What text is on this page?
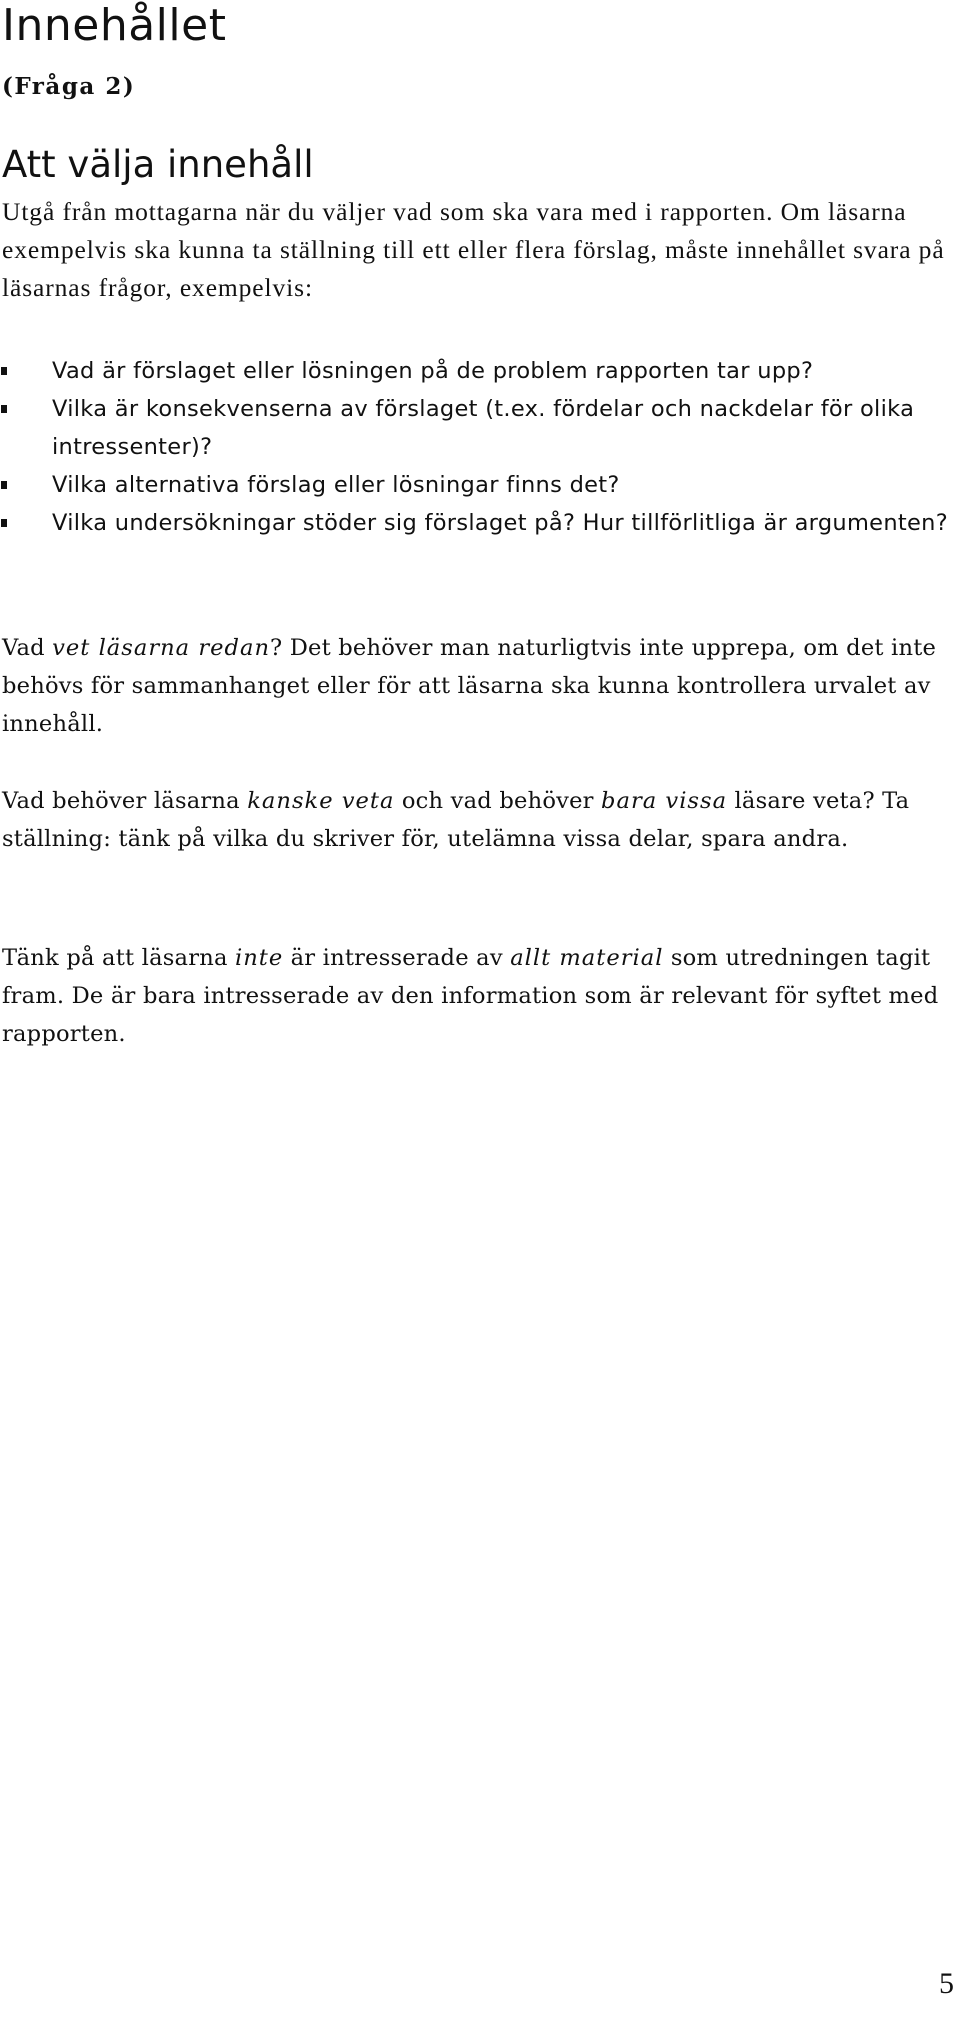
Innehållet

(Fråga 2)

Att välja innehåll

Utgå från mottagarna när du väljer vad som ska vara med i rapporten. Om läsarna exempelvis ska kunna ta ställning till ett eller flera förslag, måste innehållet svara på läsarnas frågor, exempelvis:

Vad är förslaget eller lösningen på de problem rapporten tar upp?
Vilka är konsekvenserna av förslaget (t.ex. fördelar och nackdelar för olika intressenter)?
Vilka alternativa förslag eller lösningar finns det?
Vilka undersökningar stöder sig förslaget på? Hur tillförlitliga är argumenten?

Vad vet läsarna redan? Det behöver man naturligtvis inte upprepa, om det inte behövs för sammanhanget eller för att läsarna ska kunna kontrollera urvalet av innehåll.

Vad behöver läsarna kanske veta och vad behöver bara vissa läsare veta? Ta ställning: tänk på vilka du skriver för, utelämna vissa delar, spara andra.

Tänk på att läsarna inte är intresserade av allt material som utredningen tagit fram. De är bara intresserade av den information som är relevant för syftet med rapporten.

5
